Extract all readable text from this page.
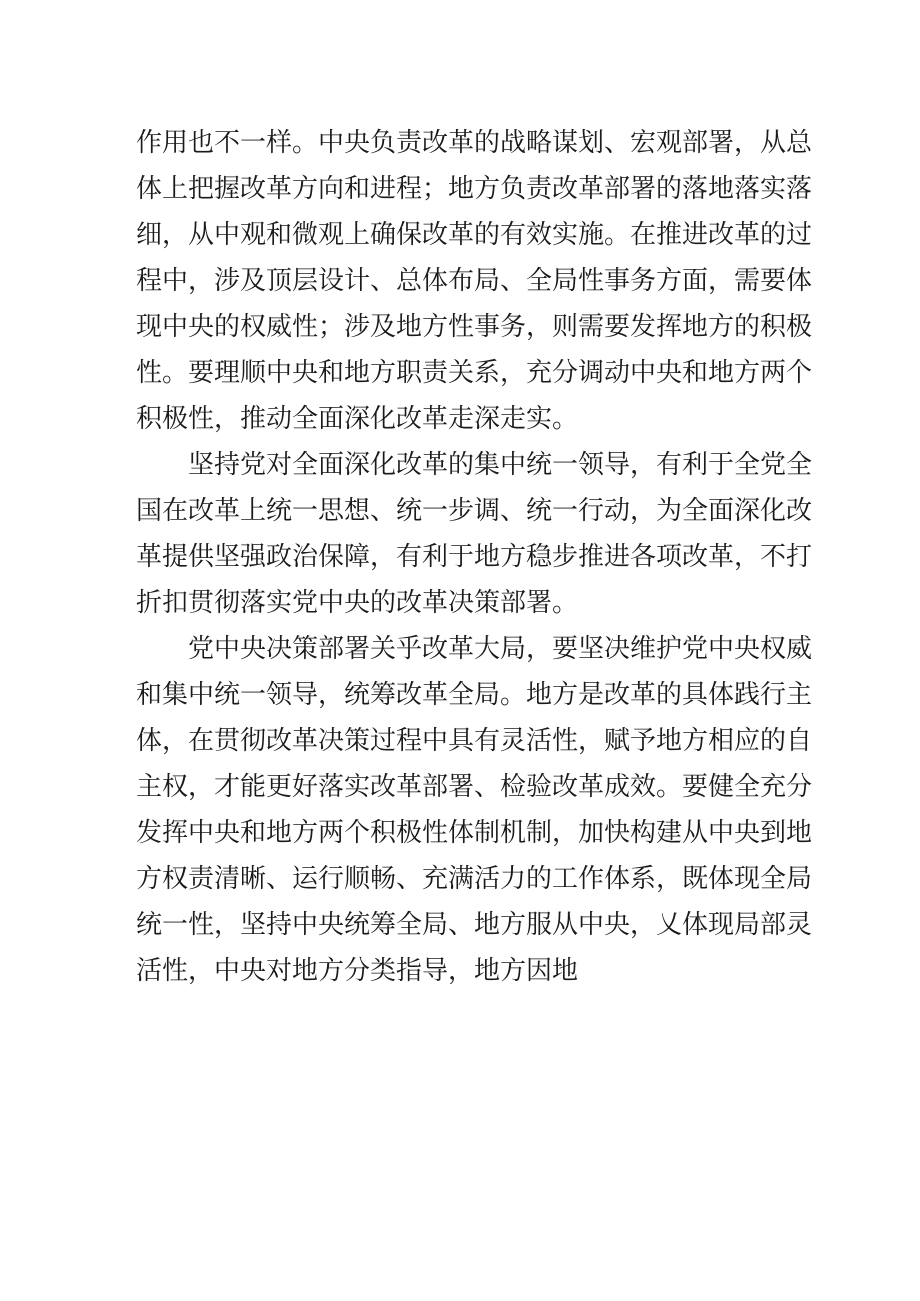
作用也不一样。中央负责改革的战略谋划、宏观部署，从总
体上把握改革方向和进程；地方负责改革部署的落地落实落
细，从中观和微观上确保改革的有效实施。在推进改革的过
程中，涉及顶层设计、总体布局、全局性事务方面，需要体
现中央的权威性；涉及地方性事务，则需要发挥地方的积极
性。要理顺中央和地方职责关系，充分调动中央和地方两个
积极性，推动全面深化改革走深走实。
坚持党对全面深化改革的集中统一领导，有利于全党全
国在改革上统一思想、统一步调、统一行动，为全面深化改
革提供坚强政治保障，有利于地方稳步推进各项改革，不打
折扣贯彻落实党中央的改革决策部署。
党中央决策部署关乎改革大局，要坚决维护党中央权威
和集中统一领导，统筹改革全局。地方是改革的具体践行主
体，在贯彻改革决策过程中具有灵活性，赋予地方相应的自
主权，才能更好落实改革部署、检验改革成效。要健全充分
发挥中央和地方两个积极性体制机制，加快构建从中央到地
方权责清晰、运行顺畅、充满活力的工作体系，既体现全局
统一性，坚持中央统筹全局、地方服从中央，乂体现局部灵
活性，中央对地方分类指导，地方因地
